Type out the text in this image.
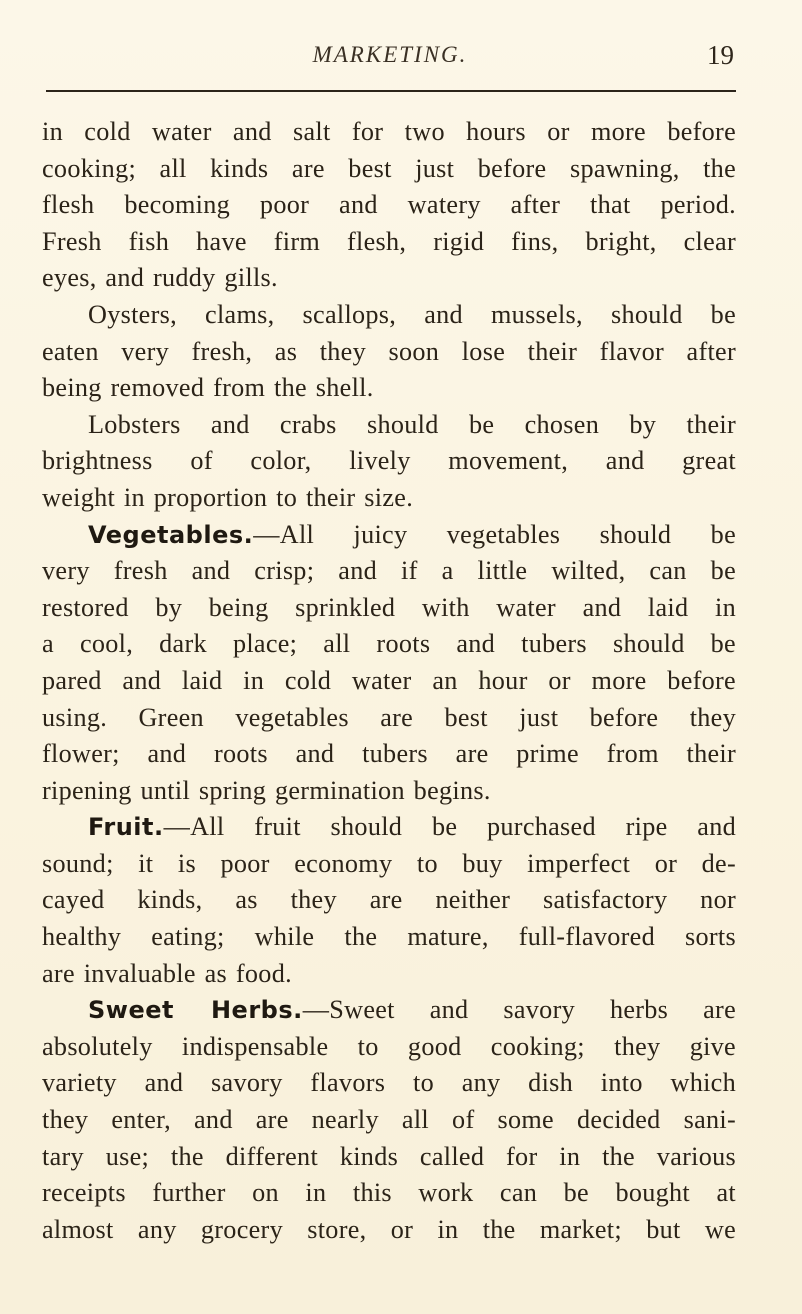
MARKETING.	19
in cold water and salt for two hours or more before
cooking; all kinds are best just before spawning, the
flesh becoming poor and watery after that period.
Fresh fish have firm flesh, rigid fins, bright, clear
eyes, and ruddy gills.
Oysters, clams, scallops, and mussels, should be
eaten very fresh, as they soon lose their flavor after
being removed from the shell.
Lobsters and crabs should be chosen by their
brightness of color, lively movement, and great
weight in proportion to their size.
Vegetables.—All juicy vegetables should be
very fresh and crisp; and if a little wilted, can be
restored by being sprinkled with water and laid in
a cool, dark place; all roots and tubers should be
pared and laid in cold water an hour or more before
using. Green vegetables are best just before they
flower; and roots and tubers are prime from their
ripening until spring germination begins.
Fruit.—All fruit should be purchased ripe and
sound; it is poor economy to buy imperfect or de-
cayed kinds, as they are neither satisfactory nor
healthy eating; while the mature, full-flavored sorts
are invaluable as food.
Sweet Herbs.—Sweet and savory herbs are
absolutely indispensable to good cooking; they give
variety and savory flavors to any dish into which
they enter, and are nearly all of some decided sani-
tary use; the different kinds called for in the various
receipts further on in this work can be bought at
almost any grocery store, or in the market; but we
